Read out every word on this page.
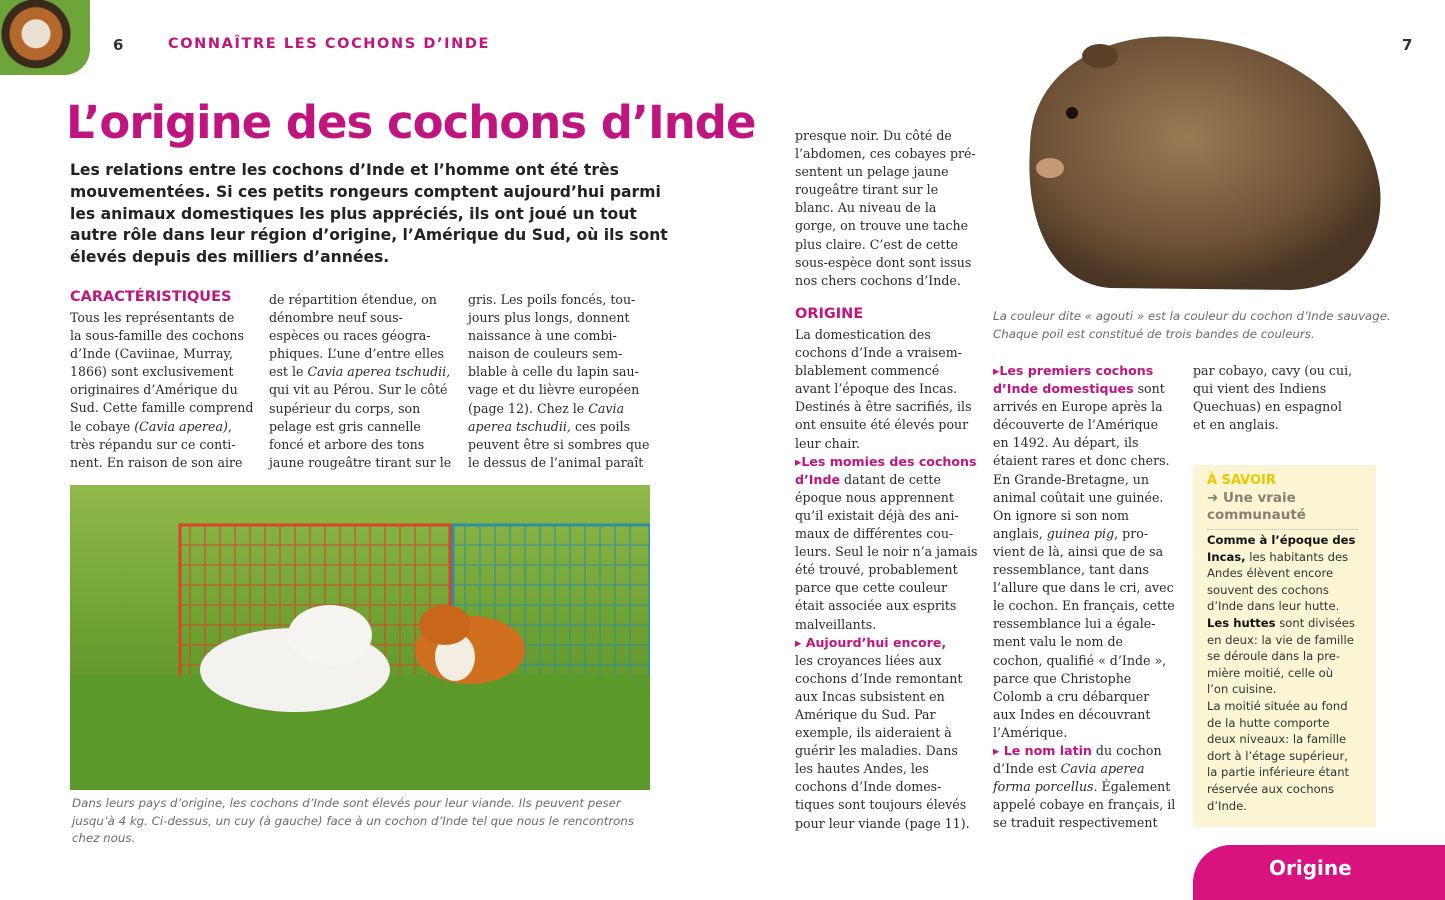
6	CONNAÎTRE LES COCHONS D’INDE	7
L’origine des cochons d’Inde
Les relations entre les cochons d’Inde et l’homme ont été très
mouvementées. Si ces petits rongeurs comptent aujourd’hui parmi
les animaux domestiques les plus appréciés, ils ont joué un tout
autre rôle dans leur région d’origine, l’Amérique du Sud, où ils sont
élevés depuis des milliers d’années.
CARACTÉRISTIQUES
Tous les représentants de
la sous-famille des cochons
d’Inde (Caviinae, Murray,
1866) sont exclusivement
originaires d’Amérique du
Sud. Cette famille comprend
le cobaye (Cavia aperea),
très répandu sur ce conti-
nent. En raison de son aire
de répartition étendue, on
dénombre neuf sous-
espèces ou races géogra-
phiques. L’une d’entre elles
est le Cavia aperea tschudii,
qui vit au Pérou. Sur le côté
supérieur du corps, son
pelage est gris cannelle
foncé et arbore des tons
jaune rougeâtre tirant sur le
gris. Les poils foncés, tou-
jours plus longs, donnent
naissance à une combi-
naison de couleurs sem-
blable à celle du lapin sau-
vage et du lièvre européen
(page 12). Chez le Cavia
aperea tschudii, ces poils
peuvent être si sombres que
le dessus de l’animal paraît
Dans leurs pays d’origine, les cochons d’Inde sont élevés pour leur viande. Ils peuvent peser
jusqu’à 4 kg. Ci-dessus, un cuy (à gauche) face à un cochon d’Inde tel que nous le rencontrons
chez nous.
presque noir. Du côté de
l’abdomen, ces cobayes pré-
sentent un pelage jaune
rougeâtre tirant sur le
blanc. Au niveau de la
gorge, on trouve une tache
plus claire. C’est de cette
sous-espèce dont sont issus
nos chers cochons d’Inde.
ORIGINE
La domestication des
cochons d’Inde a vraisem-
blablement commencé
avant l’époque des Incas.
Destinés à être sacrifiés, ils
ont ensuite été élevés pour
leur chair.
▸Les momies des cochons
d’Inde datant de cette
époque nous apprennent
qu’il existait déjà des ani-
maux de différentes cou-
leurs. Seul le noir n’a jamais
été trouvé, probablement
parce que cette couleur
était associée aux esprits
malveillants.
▸ Aujourd’hui encore,
les croyances liées aux
cochons d’Inde remontant
aux Incas subsistent en
Amérique du Sud. Par
exemple, ils aideraient à
guérir les maladies. Dans
les hautes Andes, les
cochons d’Inde domes-
tiques sont toujours élevés
pour leur viande (page 11).
▸Les premiers cochons
d’Inde domestiques sont
arrivés en Europe après la
découverte de l’Amérique
en 1492. Au départ, ils
étaient rares et donc chers.
En Grande-Bretagne, un
animal coûtait une guinée.
On ignore si son nom
anglais, guinea pig, pro-
vient de là, ainsi que de sa
ressemblance, tant dans
l’allure que dans le cri, avec
le cochon. En français, cette
ressemblance lui a égale-
ment valu le nom de
cochon, qualifié « d’Inde »,
parce que Christophe
Colomb a cru débarquer
aux Indes en découvrant
l’Amérique.
▸ Le nom latin du cochon
d’Inde est Cavia aperea
forma porcellus. Également
appelé cobaye en français, il
se traduit respectivement
par cobayo, cavy (ou cui,
qui vient des Indiens
Quechuas) en espagnol
et en anglais.
La couleur dite « agouti » est la couleur du cochon d’Inde sauvage.
Chaque poil est constitué de trois bandes de couleurs.
À SAVOIR
➜ Une vraie
communauté
Comme à l’époque des
Incas, les habitants des
Andes élèvent encore
souvent des cochons
d’Inde dans leur hutte.
Les huttes sont divisées
en deux: la vie de famille
se déroule dans la pre-
mière moitié, celle où
l’on cuisine.
La moitié située au fond
de la hutte comporte
deux niveaux: la famille
dort à l’étage supérieur,
la partie inférieure étant
réservée aux cochons
d’Inde.
Origine
